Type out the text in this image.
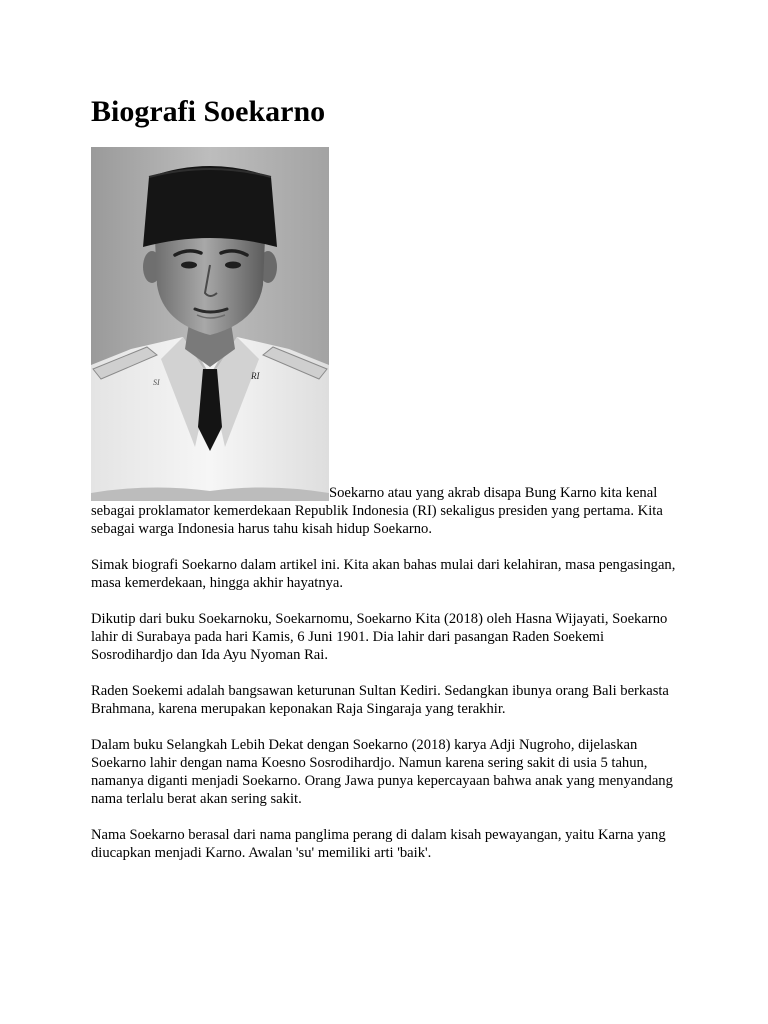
Biografi Soekarno

RI
SI
Soekarno atau yang akrab disapa Bung Karno kita kenal sebagai proklamator kemerdekaan Republik Indonesia (RI) sekaligus presiden yang pertama. Kita sebagai warga Indonesia harus tahu kisah hidup Soekarno.

Simak biografi Soekarno dalam artikel ini. Kita akan bahas mulai dari kelahiran, masa pengasingan, masa kemerdekaan, hingga akhir hayatnya.

Dikutip dari buku Soekarnoku, Soekarnomu, Soekarno Kita (2018) oleh Hasna Wijayati, Soekarno lahir di Surabaya pada hari Kamis, 6 Juni 1901. Dia lahir dari pasangan Raden Soekemi Sosrodihardjo dan Ida Ayu Nyoman Rai.

Raden Soekemi adalah bangsawan keturunan Sultan Kediri. Sedangkan ibunya orang Bali berkasta Brahmana, karena merupakan keponakan Raja Singaraja yang terakhir.

Dalam buku Selangkah Lebih Dekat dengan Soekarno (2018) karya Adji Nugroho, dijelaskan Soekarno lahir dengan nama Koesno Sosrodihardjo. Namun karena sering sakit di usia 5 tahun, namanya diganti menjadi Soekarno. Orang Jawa punya kepercayaan bahwa anak yang menyandang nama terlalu berat akan sering sakit.

Nama Soekarno berasal dari nama panglima perang di dalam kisah pewayangan, yaitu Karna yang diucapkan menjadi Karno. Awalan 'su' memiliki arti 'baik'.
